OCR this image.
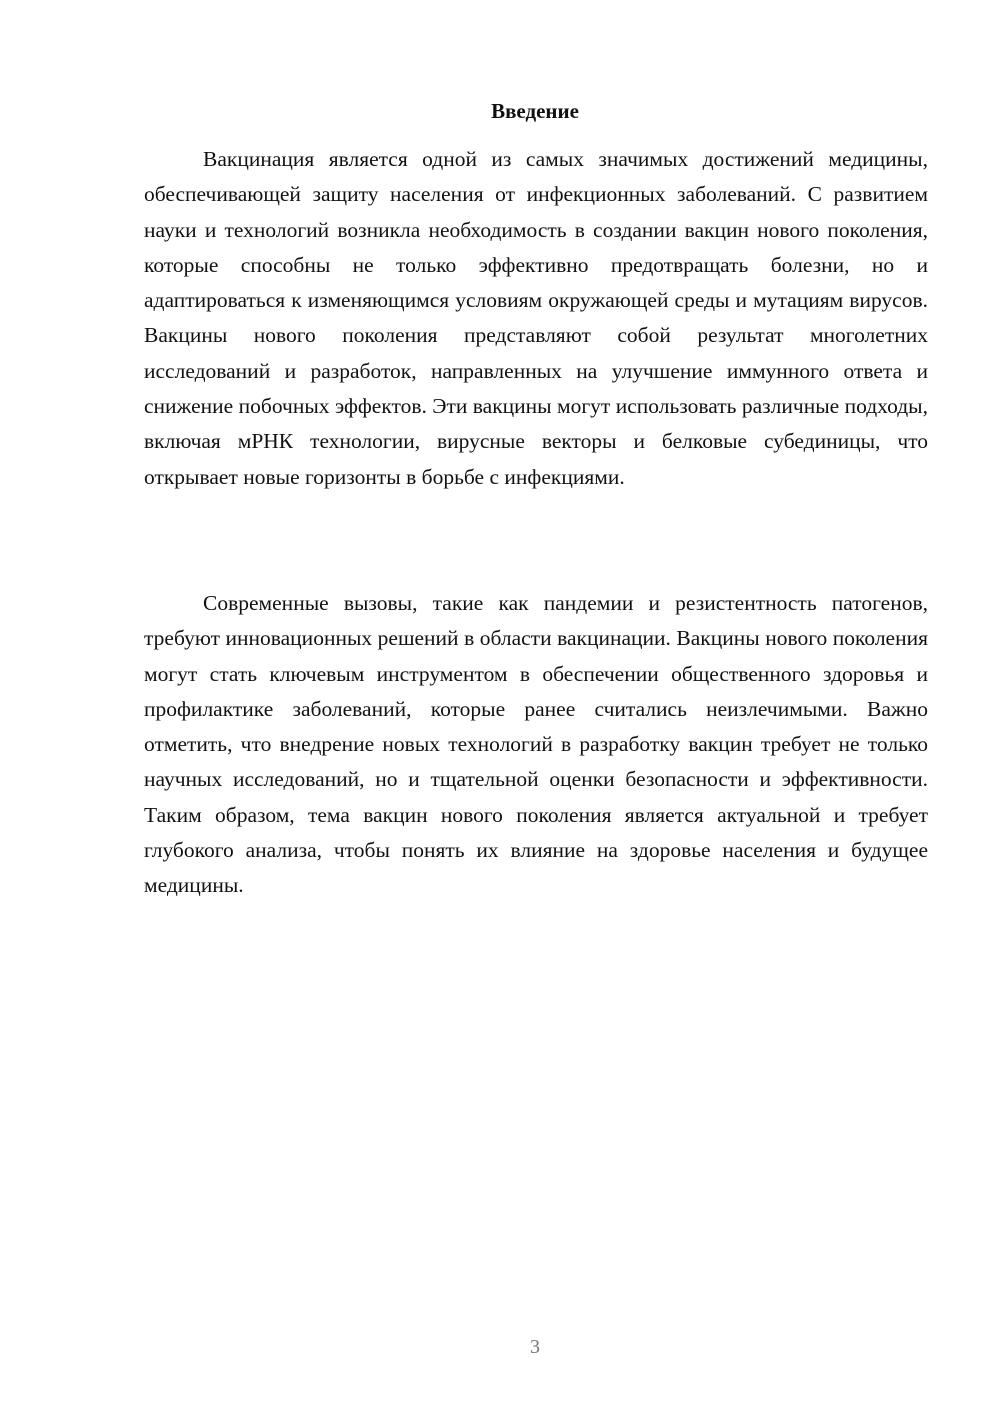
Введение

Вакцинация является одной из самых значимых достижений медицины, обеспечивающей защиту населения от инфекционных заболеваний. С развитием науки и технологий возникла необходимость в создании вакцин нового поколения, которые способны не только эффективно предотвращать болезни, но и адаптироваться к изменяющимся условиям окружающей среды и мутациям вирусов. Вакцины нового поколения представляют собой результат многолетних исследований и разработок, направленных на улучшение иммунного ответа и снижение побочных эффектов. Эти вакцины могут использовать различные подходы, включая мРНК технологии, вирусные векторы и белковые субединицы, что открывает новые горизонты в борьбе с инфекциями.

Современные вызовы, такие как пандемии и резистентность патогенов, требуют инновационных решений в области вакцинации. Вакцины нового поколения могут стать ключевым инструментом в обеспечении общественного здоровья и профилактике заболеваний, которые ранее считались неизлечимыми. Важно отметить, что внедрение новых технологий в разработку вакцин требует не только научных исследований, но и тщательной оценки безопасности и эффективности. Таким образом, тема вакцин нового поколения является актуальной и требует глубокого анализа, чтобы понять их влияние на здоровье населения и будущее медицины.

3
